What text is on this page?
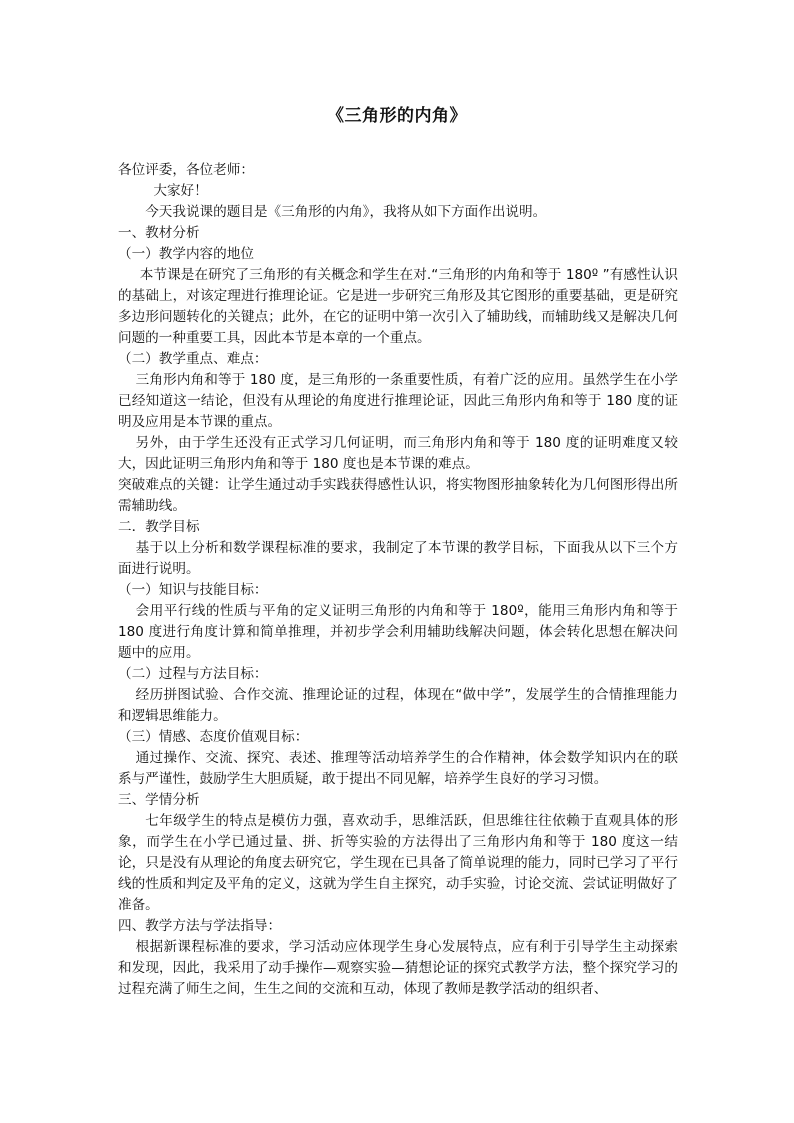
《三角形的内角》

各位评委，各位老师：

大家好！

今天我说课的题目是《三角形的内角》，我将从如下方面作出说明。

一、教材分析

（一）教学内容的地位

本节课是在研究了三角形的有关概念和学生在对.“三角形的内角和等于 180º ”有感性认识的基础上，对该定理进行推理论证。它是进一步研究三角形及其它图形的重要基础，更是研究多边形问题转化的关键点；此外，在它的证明中第一次引入了辅助线，而辅助线又是解决几何问题的一种重要工具，因此本节是本章的一个重点。

（二）教学重点、难点：

三角形内角和等于 180 度，是三角形的一条重要性质，有着广泛的应用。虽然学生在小学已经知道这一结论，但没有从理论的角度进行推理论证，因此三角形内角和等于 180 度的证明及应用是本节课的重点。

另外，由于学生还没有正式学习几何证明，而三角形内角和等于 180 度的证明难度又较大，因此证明三角形内角和等于 180 度也是本节课的难点。

突破难点的关键：让学生通过动手实践获得感性认识，将实物图形抽象转化为几何图形得出所需辅助线。

二．教学目标

基于以上分析和数学课程标准的要求，我制定了本节课的教学目标，下面我从以下三个方面进行说明。

（一）知识与技能目标：

会用平行线的性质与平角的定义证明三角形的内角和等于 180º，能用三角形内角和等于 180 度进行角度计算和简单推理，并初步学会利用辅助线解决问题，体会转化思想在解决问题中的应用。

（二）过程与方法目标：

经历拼图试验、合作交流、推理论证的过程，体现在“做中学”，发展学生的合情推理能力和逻辑思维能力。

（三）情感、态度价值观目标：

通过操作、交流、探究、表述、推理等活动培养学生的合作精神，体会数学知识内在的联系与严谨性，鼓励学生大胆质疑，敢于提出不同见解，培养学生良好的学习习惯。

三、学情分析

七年级学生的特点是模仿力强，喜欢动手，思维活跃，但思维往往依赖于直观具体的形象，而学生在小学已通过量、拼、折等实验的方法得出了三角形内角和等于 180 度这一结论，只是没有从理论的角度去研究它，学生现在已具备了简单说理的能力，同时已学习了平行线的性质和判定及平角的定义，这就为学生自主探究，动手实验，讨论交流、尝试证明做好了准备。

四、教学方法与学法指导：

根据新课程标准的要求，学习活动应体现学生身心发展特点，应有利于引导学生主动探索和发现，因此，我采用了动手操作—观察实验—猜想论证的探究式教学方法，整个探究学习的过程充满了师生之间，生生之间的交流和互动，体现了教师是教学活动的组织者、
